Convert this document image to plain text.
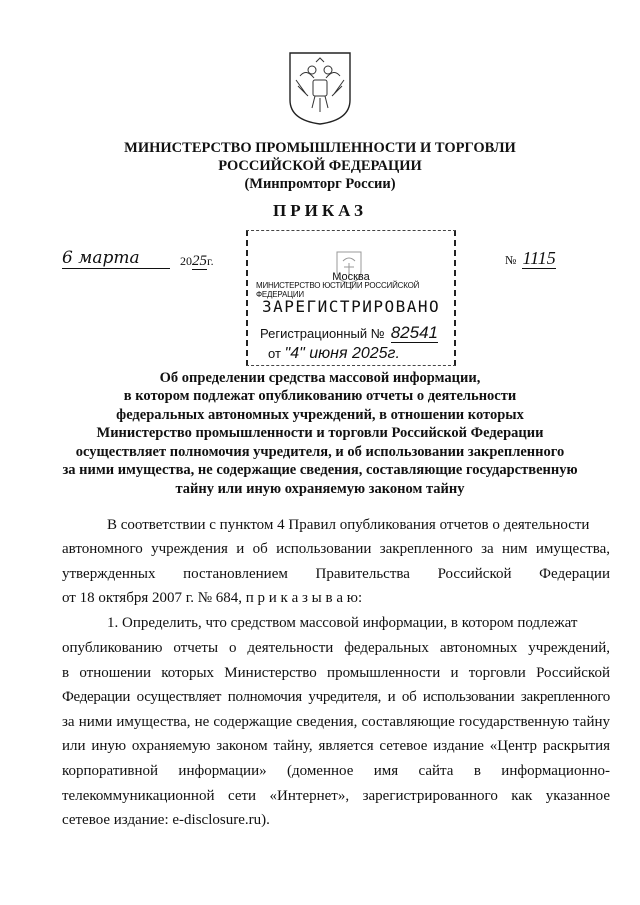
МИНИСТЕРСТВО ПРОМЫШЛЕННОСТИ И ТОРГОВЛИ
РОССИЙСКОЙ ФЕДЕРАЦИИ
(Минпромторг России)
ПРИКАЗ
6 марта	2025г.	№ 1115
Москва
МИНИСТЕРСТВО ЮСТИЦИИ РОССИЙСКОЙ ФЕДЕРАЦИИ
ЗАРЕГИСТРИРОВАНО
Регистрационный № 82541
от "4" июня 2025г.
Об определении средства массовой информации,
в котором подлежат опубликованию отчеты о деятельности
федеральных автономных учреждений, в отношении которых
Министерство промышленности и торговли Российской Федерации
осуществляет полномочия учредителя, и об использовании закрепленного
за ними имущества, не содержащие сведения, составляющие государственную
тайну или иную охраняемую законом тайну
В соответствии с пунктом 4 Правил опубликования отчетов о деятельности
автономного учреждения и об использовании закрепленного за ним имущества,
утвержденных постановлением Правительства Российской Федерации
от 18 октября 2007 г. № 684, п р и к а з ы в а ю:
1. Определить, что средством массовой информации, в котором подлежат
опубликованию отчеты о деятельности федеральных автономных учреждений,
в отношении которых Министерство промышленности и торговли Российской
Федерации осуществляет полномочия учредителя, и об использовании закрепленного
за ними имущества, не содержащие сведения, составляющие государственную тайну
или иную охраняемую законом тайну, является сетевое издание «Центр раскрытия
корпоративной информации» (доменное имя сайта в информационно-
телекоммуникационной сети «Интернет», зарегистрированного как указанное
сетевое издание: e-disclosure.ru).
